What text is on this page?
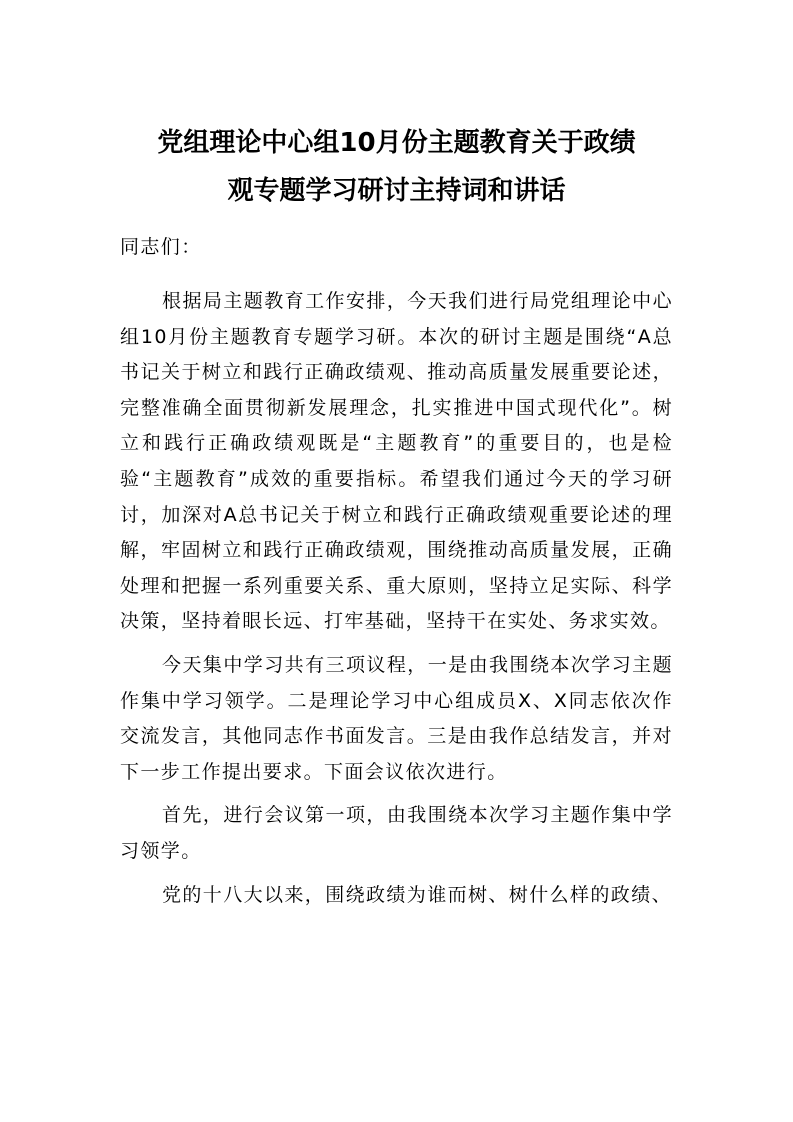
党组理论中心组10月份主题教育关于政绩
观专题学习研讨主持词和讲话

同志们：

根据局主题教育工作安排，今天我们进行局党组理论中心组10月份主题教育专题学习研。本次的研讨主题是围绕“A总书记关于树立和践行正确政绩观、推动高质量发展重要论述，完整准确全面贯彻新发展理念，扎实推进中国式现代化”。树立和践行正确政绩观既是“主题教育”的重要目的，也是检验“主题教育”成效的重要指标。希望我们通过今天的学习研讨，加深对A总书记关于树立和践行正确政绩观重要论述的理解，牢固树立和践行正确政绩观，围绕推动高质量发展，正确处理和把握一系列重要关系、重大原则，坚持立足实际、科学决策，坚持着眼长远、打牢基础，坚持干在实处、务求实效。

今天集中学习共有三项议程，一是由我围绕本次学习主题作集中学习领学。二是理论学习中心组成员X、X同志依次作交流发言，其他同志作书面发言。三是由我作总结发言，并对下一步工作提出要求。下面会议依次进行。

首先，进行会议第一项，由我围绕本次学习主题作集中学习领学。

党的十八大以来，围绕政绩为谁而树、树什么样的政绩、
